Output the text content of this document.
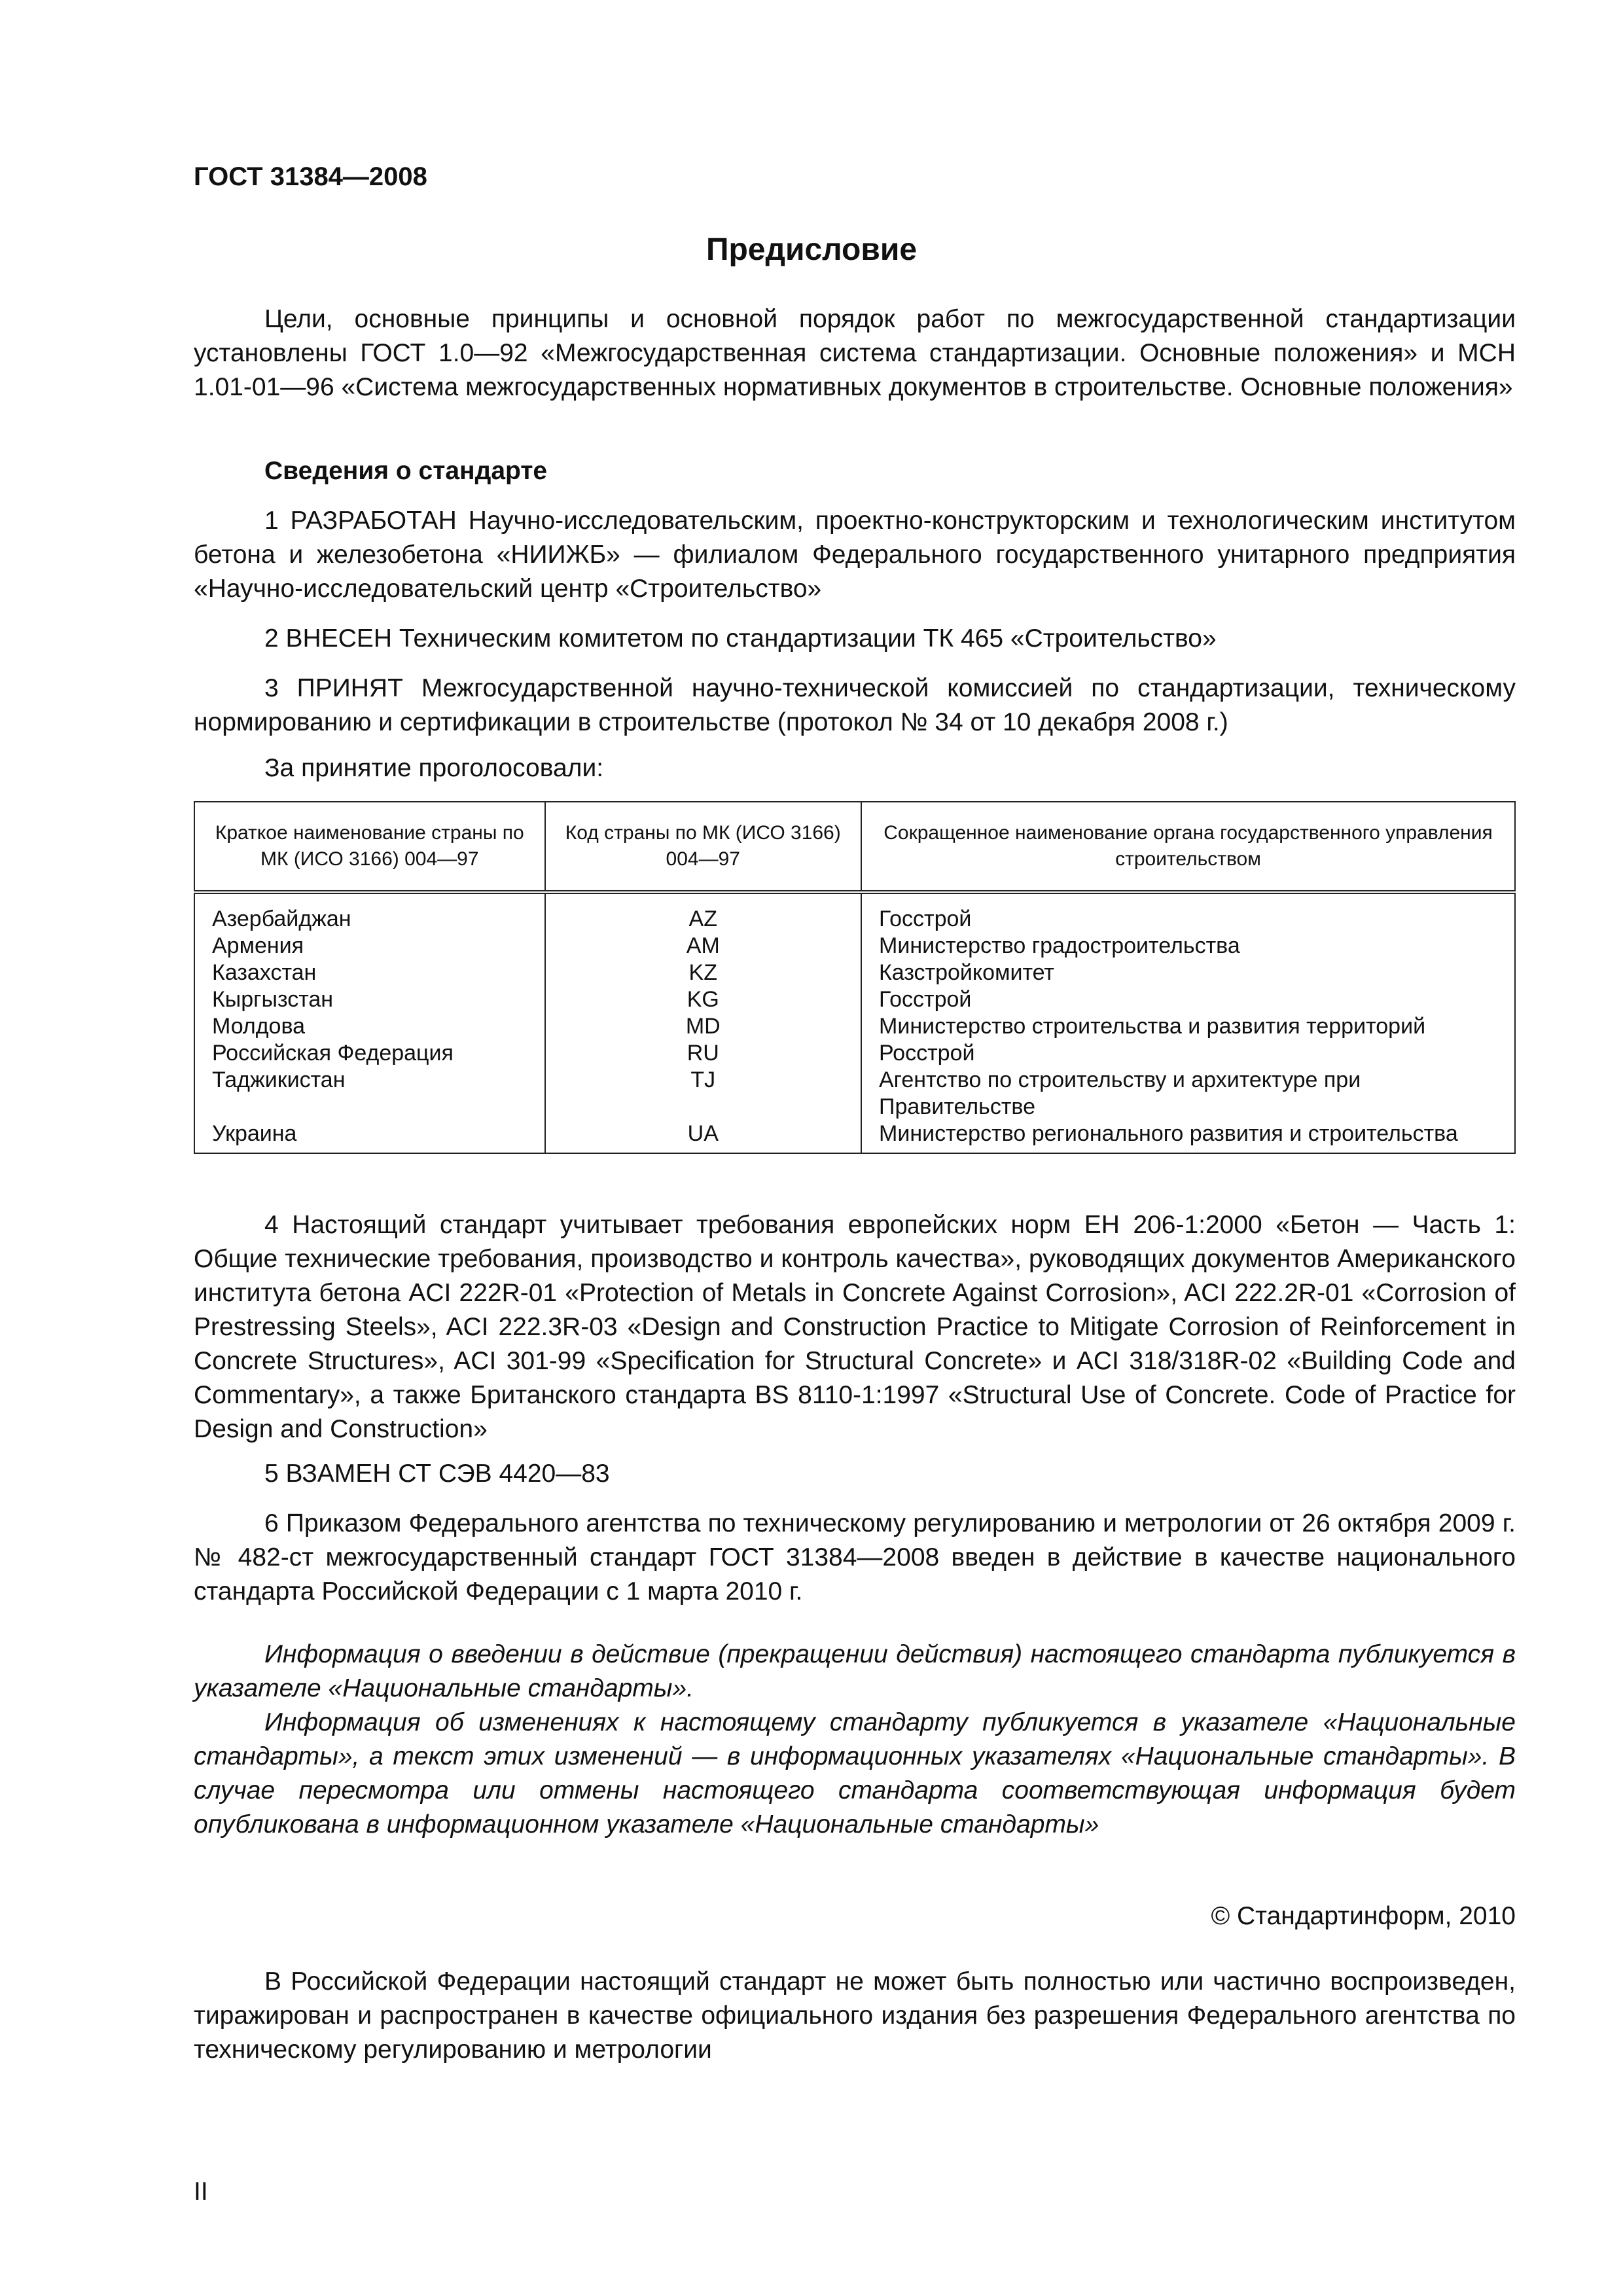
ГОСТ 31384—2008
Предисловие

Цели, основные принципы и основной порядок работ по межгосударственной стандартизации установлены ГОСТ 1.0—92 «Межгосударственная система стандартизации. Основные положения» и МСН 1.01-01—96 «Система межгосударственных нормативных документов в строительстве. Основные положения»

Сведения о стандарте

1 РАЗРАБОТАН Научно-исследовательским, проектно-конструкторским и технологическим институтом бетона и железобетона «НИИЖБ» — филиалом Федерального государственного унитарного предприятия «Научно-исследовательский центр «Строительство»

2 ВНЕСЕН Техническим комитетом по стандартизации ТК 465 «Строительство»

3 ПРИНЯТ Межгосударственной научно-технической комиссией по стандартизации, техническому нормированию и сертификации в строительстве (протокол № 34 от 10 декабря 2008 г.)

За принятие проголосовали:
Краткое наименование страны по МК (ИСО 3166) 004—97	Код страны по МК (ИСО 3166) 004—97	Сокращенное наименование органа государственного управления строительством
Азербайджан	AZ	Госстрой
Армения	AM	Министерство градостроительства
Казахстан	KZ	Казстройкомитет
Кыргызстан	KG	Госстрой
Молдова	MD	Министерство строительства и развития территорий
Российская Федерация	RU	Росстрой
Таджикистан	TJ	Агентство по строительству и архитектуре при Правительстве
Украина	UA	Министерство регионального развития и строительства

4 Настоящий стандарт учитывает требования европейских норм ЕН 206-1:2000 «Бетон — Часть 1: Общие технические требования, производство и контроль качества», руководящих документов Американского института бетона ACI 222R-01 «Protection of Metals in Concrete Against Corrosion», ACI 222.2R-01 «Corrosion of Prestressing Steels», ACI 222.3R-03 «Design and Construction Practice to Mitigate Corrosion of Reinforcement in Concrete Structures», ACI 301-99 «Specification for Structural Concrete» и ACI 318/318R-02 «Building Code and Commentary», а также Британского стандарта BS 8110-1:1997 «Structural Use of Concrete. Code of Practice for Design and Construction»

5 ВЗАМЕН СТ СЭВ 4420—83

6 Приказом Федерального агентства по техническому регулированию и метрологии от 26 октября 2009 г. № 482-ст межгосударственный стандарт ГОСТ 31384—2008 введен в действие в качестве национального стандарта Российской Федерации с 1 марта 2010 г.

Информация о введении в действие (прекращении действия) настоящего стандарта публикуется в указателе «Национальные стандарты».

Информация об изменениях к настоящему стандарту публикуется в указателе «Национальные стандарты», а текст этих изменений — в информационных указателях «Национальные стандарты». В случае пересмотра или отмены настоящего стандарта соответствующая информация будет опубликована в информационном указателе «Национальные стандарты»

© Стандартинформ, 2010

В Российской Федерации настоящий стандарт не может быть полностью или частично воспроизведен, тиражирован и распространен в качестве официального издания без разрешения Федерального агентства по техническому регулированию и метрологии

II
